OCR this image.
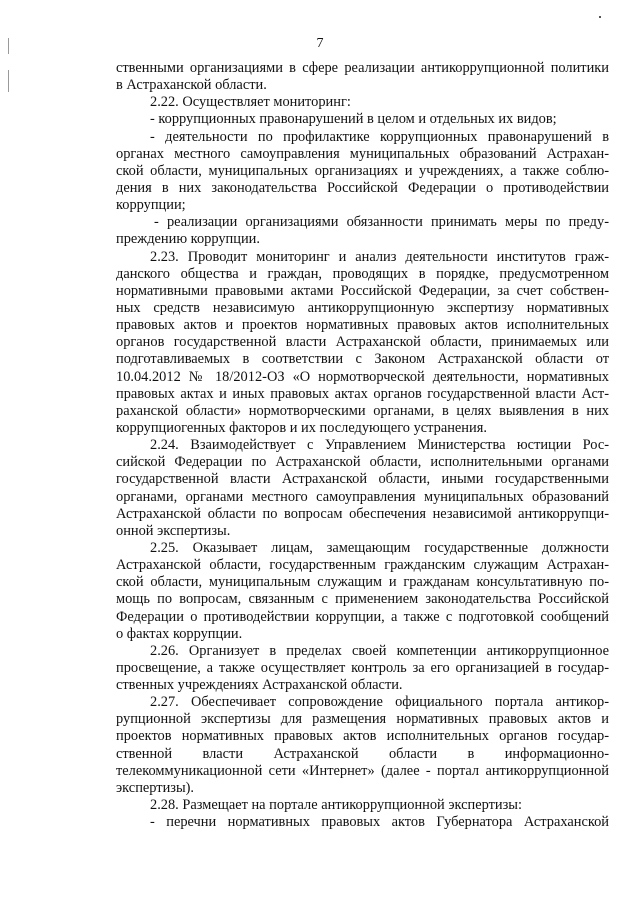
7
ственными организациями в сфере реализации антикоррупционной политики
в Астраханской области.
2.22. Осуществляет мониторинг:
- коррупционных правонарушений в целом и отдельных их видов;
- деятельности по профилактике коррупционных правонарушений в
органах местного самоуправления муниципальных образований Астрахан-
ской области, муниципальных организациях и учреждениях, а также соблю-
дения в них законодательства Российской Федерации о противодействии
коррупции;
- реализации организациями обязанности принимать меры по преду-
преждению коррупции.
2.23. Проводит мониторинг и анализ деятельности институтов граж-
данского общества и граждан, проводящих в порядке, предусмотренном
нормативными правовыми актами Российской Федерации, за счет собствен-
ных средств независимую антикоррупционную экспертизу нормативных
правовых актов и проектов нормативных правовых актов исполнительных
органов государственной власти Астраханской области, принимаемых или
подготавливаемых в соответствии с Законом Астраханской области от
10.04.2012 № 18/2012-ОЗ «О нормотворческой деятельности, нормативных
правовых актах и иных правовых актах органов государственной власти Аст-
раханской области» нормотворческими органами, в целях выявления в них
коррупциогенных факторов и их последующего устранения.
2.24. Взаимодействует с Управлением Министерства юстиции Рос-
сийской Федерации по Астраханской области, исполнительными органами
государственной власти Астраханской области, иными государственными
органами, органами местного самоуправления муниципальных образований
Астраханской области по вопросам обеспечения независимой антикоррупци-
онной экспертизы.
2.25. Оказывает лицам, замещающим государственные должности
Астраханской области, государственным гражданским служащим Астрахан-
ской области, муниципальным служащим и гражданам консультативную по-
мощь по вопросам, связанным с применением законодательства Российской
Федерации о противодействии коррупции, а также с подготовкой сообщений
о фактах коррупции.
2.26. Организует в пределах своей компетенции антикоррупционное
просвещение, а также осуществляет контроль за его организацией в государ-
ственных учреждениях Астраханской области.
2.27. Обеспечивает сопровождение официального портала антикор-
рупционной экспертизы для размещения нормативных правовых актов и
проектов нормативных правовых актов исполнительных органов государ-
ственной власти Астраханской области в информационно-
телекоммуникационной сети «Интернет» (далее - портал антикоррупционной
экспертизы).
2.28. Размещает на портале антикоррупционной экспертизы:
- перечни нормативных правовых актов Губернатора Астраханской
